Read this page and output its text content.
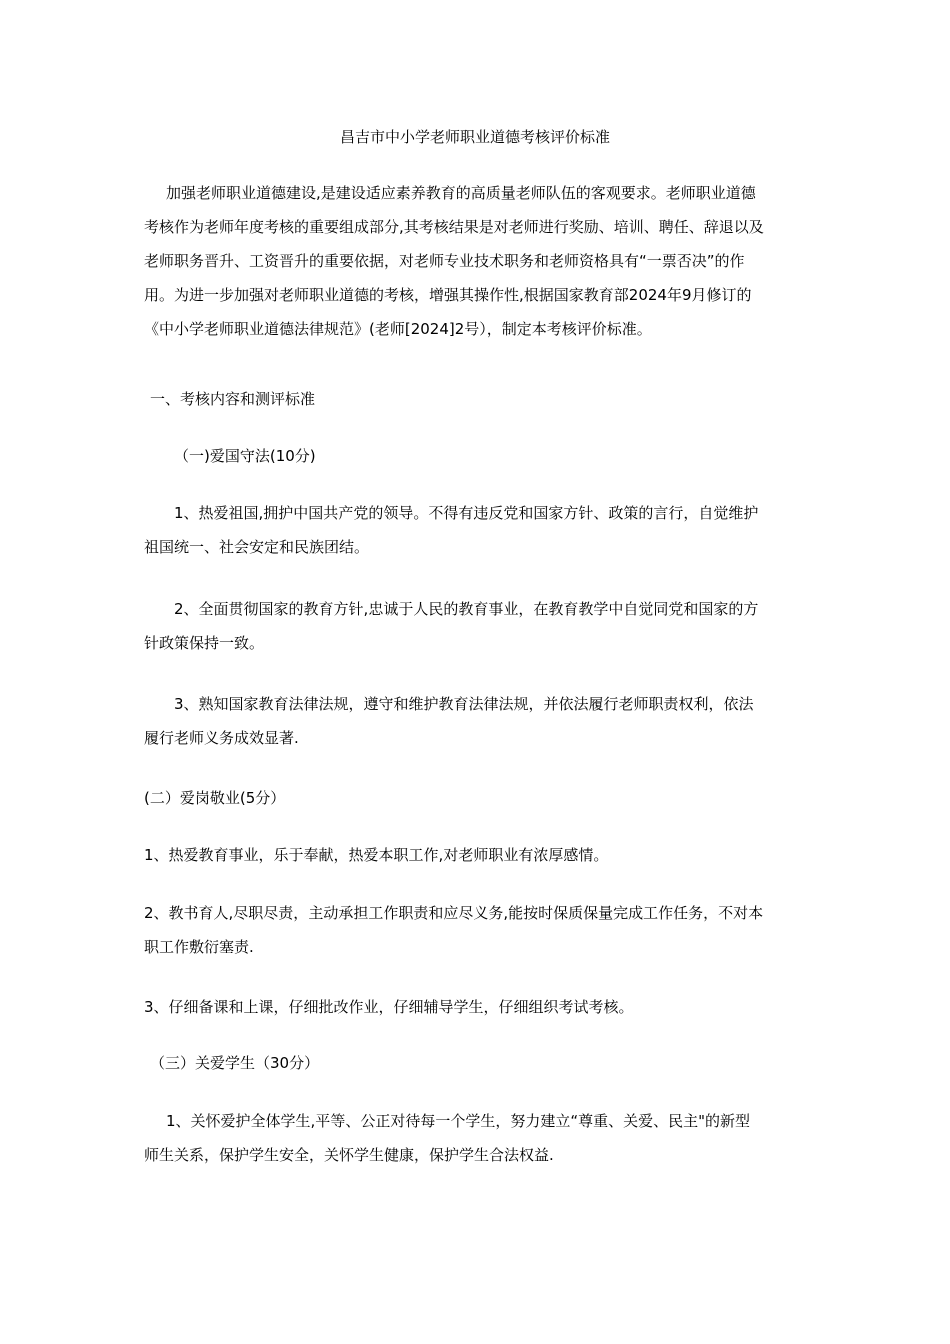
昌吉市中小学老师职业道德考核评价标准

加强老师职业道德建设,是建设适应素养教育的高质量老师队伍的客观要求。老师职业道德
考核作为老师年度考核的重要组成部分,其考核结果是对老师进行奖励、培训、聘任、辞退以及
老师职务晋升、工资晋升的重要依据，对老师专业技术职务和老师资格具有“一票否决”的作
用。为进一步加强对老师职业道德的考核，增强其操作性,根据国家教育部2024年9月修订的
《中小学老师职业道德法律规范》(老师[2024]2号），制定本考核评价标准。

一、考核内容和测评标准

（一)爱国守法(10分)

1、热爱祖国,拥护中国共产党的领导。不得有违反党和国家方针、政策的言行，自觉维护
祖国统一、社会安定和民族团结。

2、全面贯彻国家的教育方针,忠诚于人民的教育事业，在教育教学中自觉同党和国家的方
针政策保持一致。

3、熟知国家教育法律法规，遵守和维护教育法律法规，并依法履行老师职责权利，依法
履行老师义务成效显著.

(二）爱岗敬业(5分）

1、热爱教育事业，乐于奉献，热爱本职工作,对老师职业有浓厚感情。

2、教书育人,尽职尽责，主动承担工作职责和应尽义务,能按时保质保量完成工作任务，不对本
职工作敷衍塞责.

3、仔细备课和上课，仔细批改作业，仔细辅导学生，仔细组织考试考核。

（三）关爱学生（30分）

1、关怀爱护全体学生,平等、公正对待每一个学生，努力建立“尊重、关爱、民主"的新型
师生关系，保护学生安全，关怀学生健康，保护学生合法权益.
